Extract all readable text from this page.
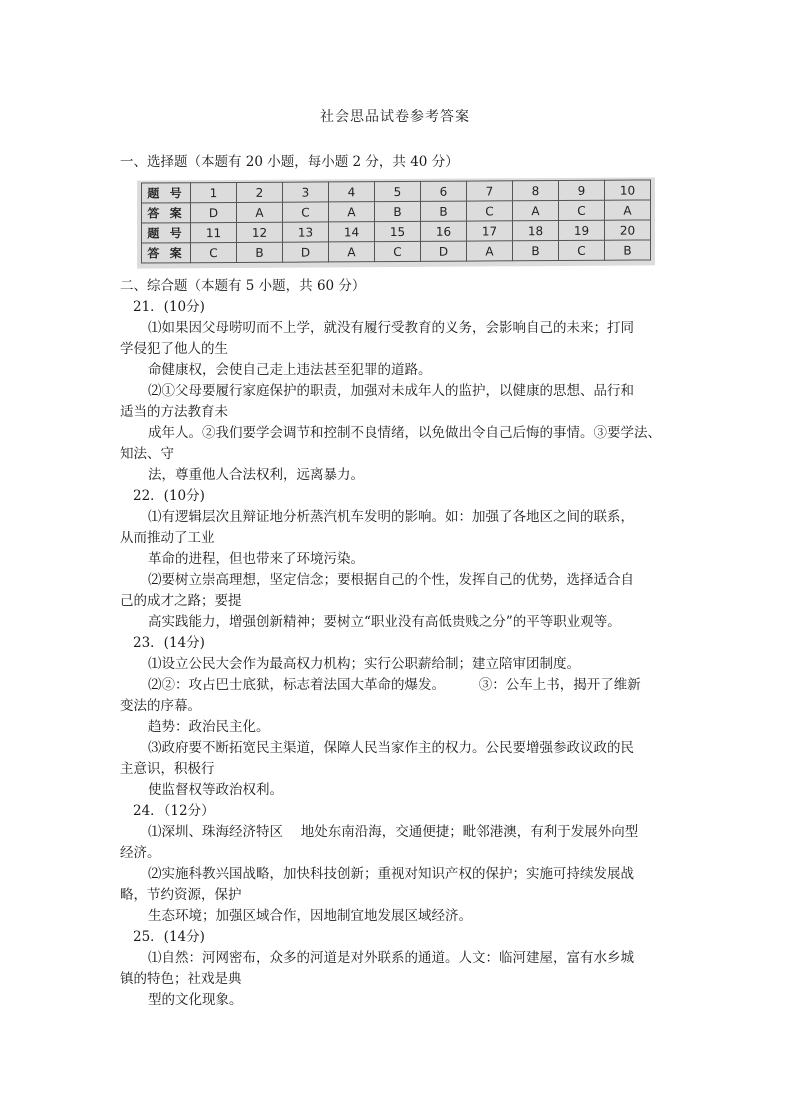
社会思品试卷参考答案
一、选择题（本题有 20 小题，每小题 2 分，共 40 分）
题 号	1	2	3	4	5	6	7	8	9	10
答 案	D	A	C	A	B	B	C	A	C	A
题 号	11	12	13	14	15	16	17	18	19	20
答 案	C	B	D	A	C	D	A	B	C	B
二、综合题（本题有 5 小题，共 60 分）
21．(10分)
⑴如果因父母唠叨而不上学，就没有履行受教育的义务，会影响自己的未来；打同
学侵犯了他人的生
命健康权，会使自己走上违法甚至犯罪的道路。
⑵①父母要履行家庭保护的职责，加强对未成年人的监护，以健康的思想、品行和
适当的方法教育未
成年人。②我们要学会调节和控制不良情绪，以免做出令自己后悔的事情。③要学法、
知法、守
法，尊重他人合法权利，远离暴力。
22．(10分)
⑴有逻辑层次且辩证地分析蒸汽机车发明的影响。如：加强了各地区之间的联系，
从而推动了工业
革命的进程，但也带来了环境污染。
⑵要树立崇高理想，坚定信念；要根据自己的个性，发挥自己的优势，选择适合自
己的成才之路；要提
高实践能力，增强创新精神；要树立“职业没有高低贵贱之分”的平等职业观等。
23．(14分)
⑴设立公民大会作为最高权力机构；实行公职薪给制；建立陪审团制度。
⑵②：攻占巴士底狱，标志着法国大革命的爆发。　　　③：公车上书，揭开了维新
变法的序幕。
趋势：政治民主化。
⑶政府要不断拓宽民主渠道，保障人民当家作主的权力。公民要增强参政议政的民
主意识，积极行
使监督权等政治权利。
24．（12分）
⑴深圳、珠海经济特区　 地处东南沿海，交通便捷；毗邻港澳，有利于发展外向型
经济。
⑵实施科教兴国战略，加快科技创新；重视对知识产权的保护；实施可持续发展战
略，节约资源，保护
生态环境；加强区域合作，因地制宜地发展区域经济。
25．(14分)
⑴自然：河网密布，众多的河道是对外联系的通道。人文：临河建屋，富有水乡城
镇的特色；社戏是典
型的文化现象。
